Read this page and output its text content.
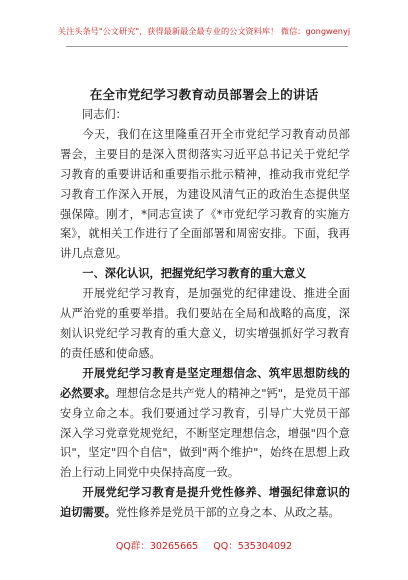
关注头条号"公文研究"，获得最新最全最专业的公文资料库！ 微信：gongwenyj
在全市党纪学习教育动员部署会上的讲话

同志们：

今天，我们在这里隆重召开全市党纪学习教育动员部署会，主要目的是深入贯彻落实习近平总书记关于党纪学习教育的重要讲话和重要指示批示精神，推动我市党纪学习教育工作深入开展，为建设风清气正的政治生态提供坚强保障。刚才，*同志宣读了《*市党纪学习教育的实施方案》，就相关工作进行了全面部署和周密安排。下面，我再讲几点意见。

一、深化认识，把握党纪学习教育的重大意义

开展党纪学习教育，是加强党的纪律建设、推进全面从严治党的重要举措。我们要站在全局和战略的高度，深刻认识党纪学习教育的重大意义，切实增强抓好学习教育的责任感和使命感。

开展党纪学习教育是坚定理想信念、筑牢思想防线的必然要求。理想信念是共产党人的精神之"钙"，是党员干部安身立命之本。我们要通过学习教育，引导广大党员干部深入学习党章党规党纪，不断坚定理想信念，增强"四个意识"，坚定"四个自信"，做到"两个维护"，始终在思想上政治上行动上同党中央保持高度一致。

开展党纪学习教育是提升党性修养、增强纪律意识的迫切需要。党性修养是党员干部的立身之本、从政之基。

QQ群：30265665 QQ：535304092
